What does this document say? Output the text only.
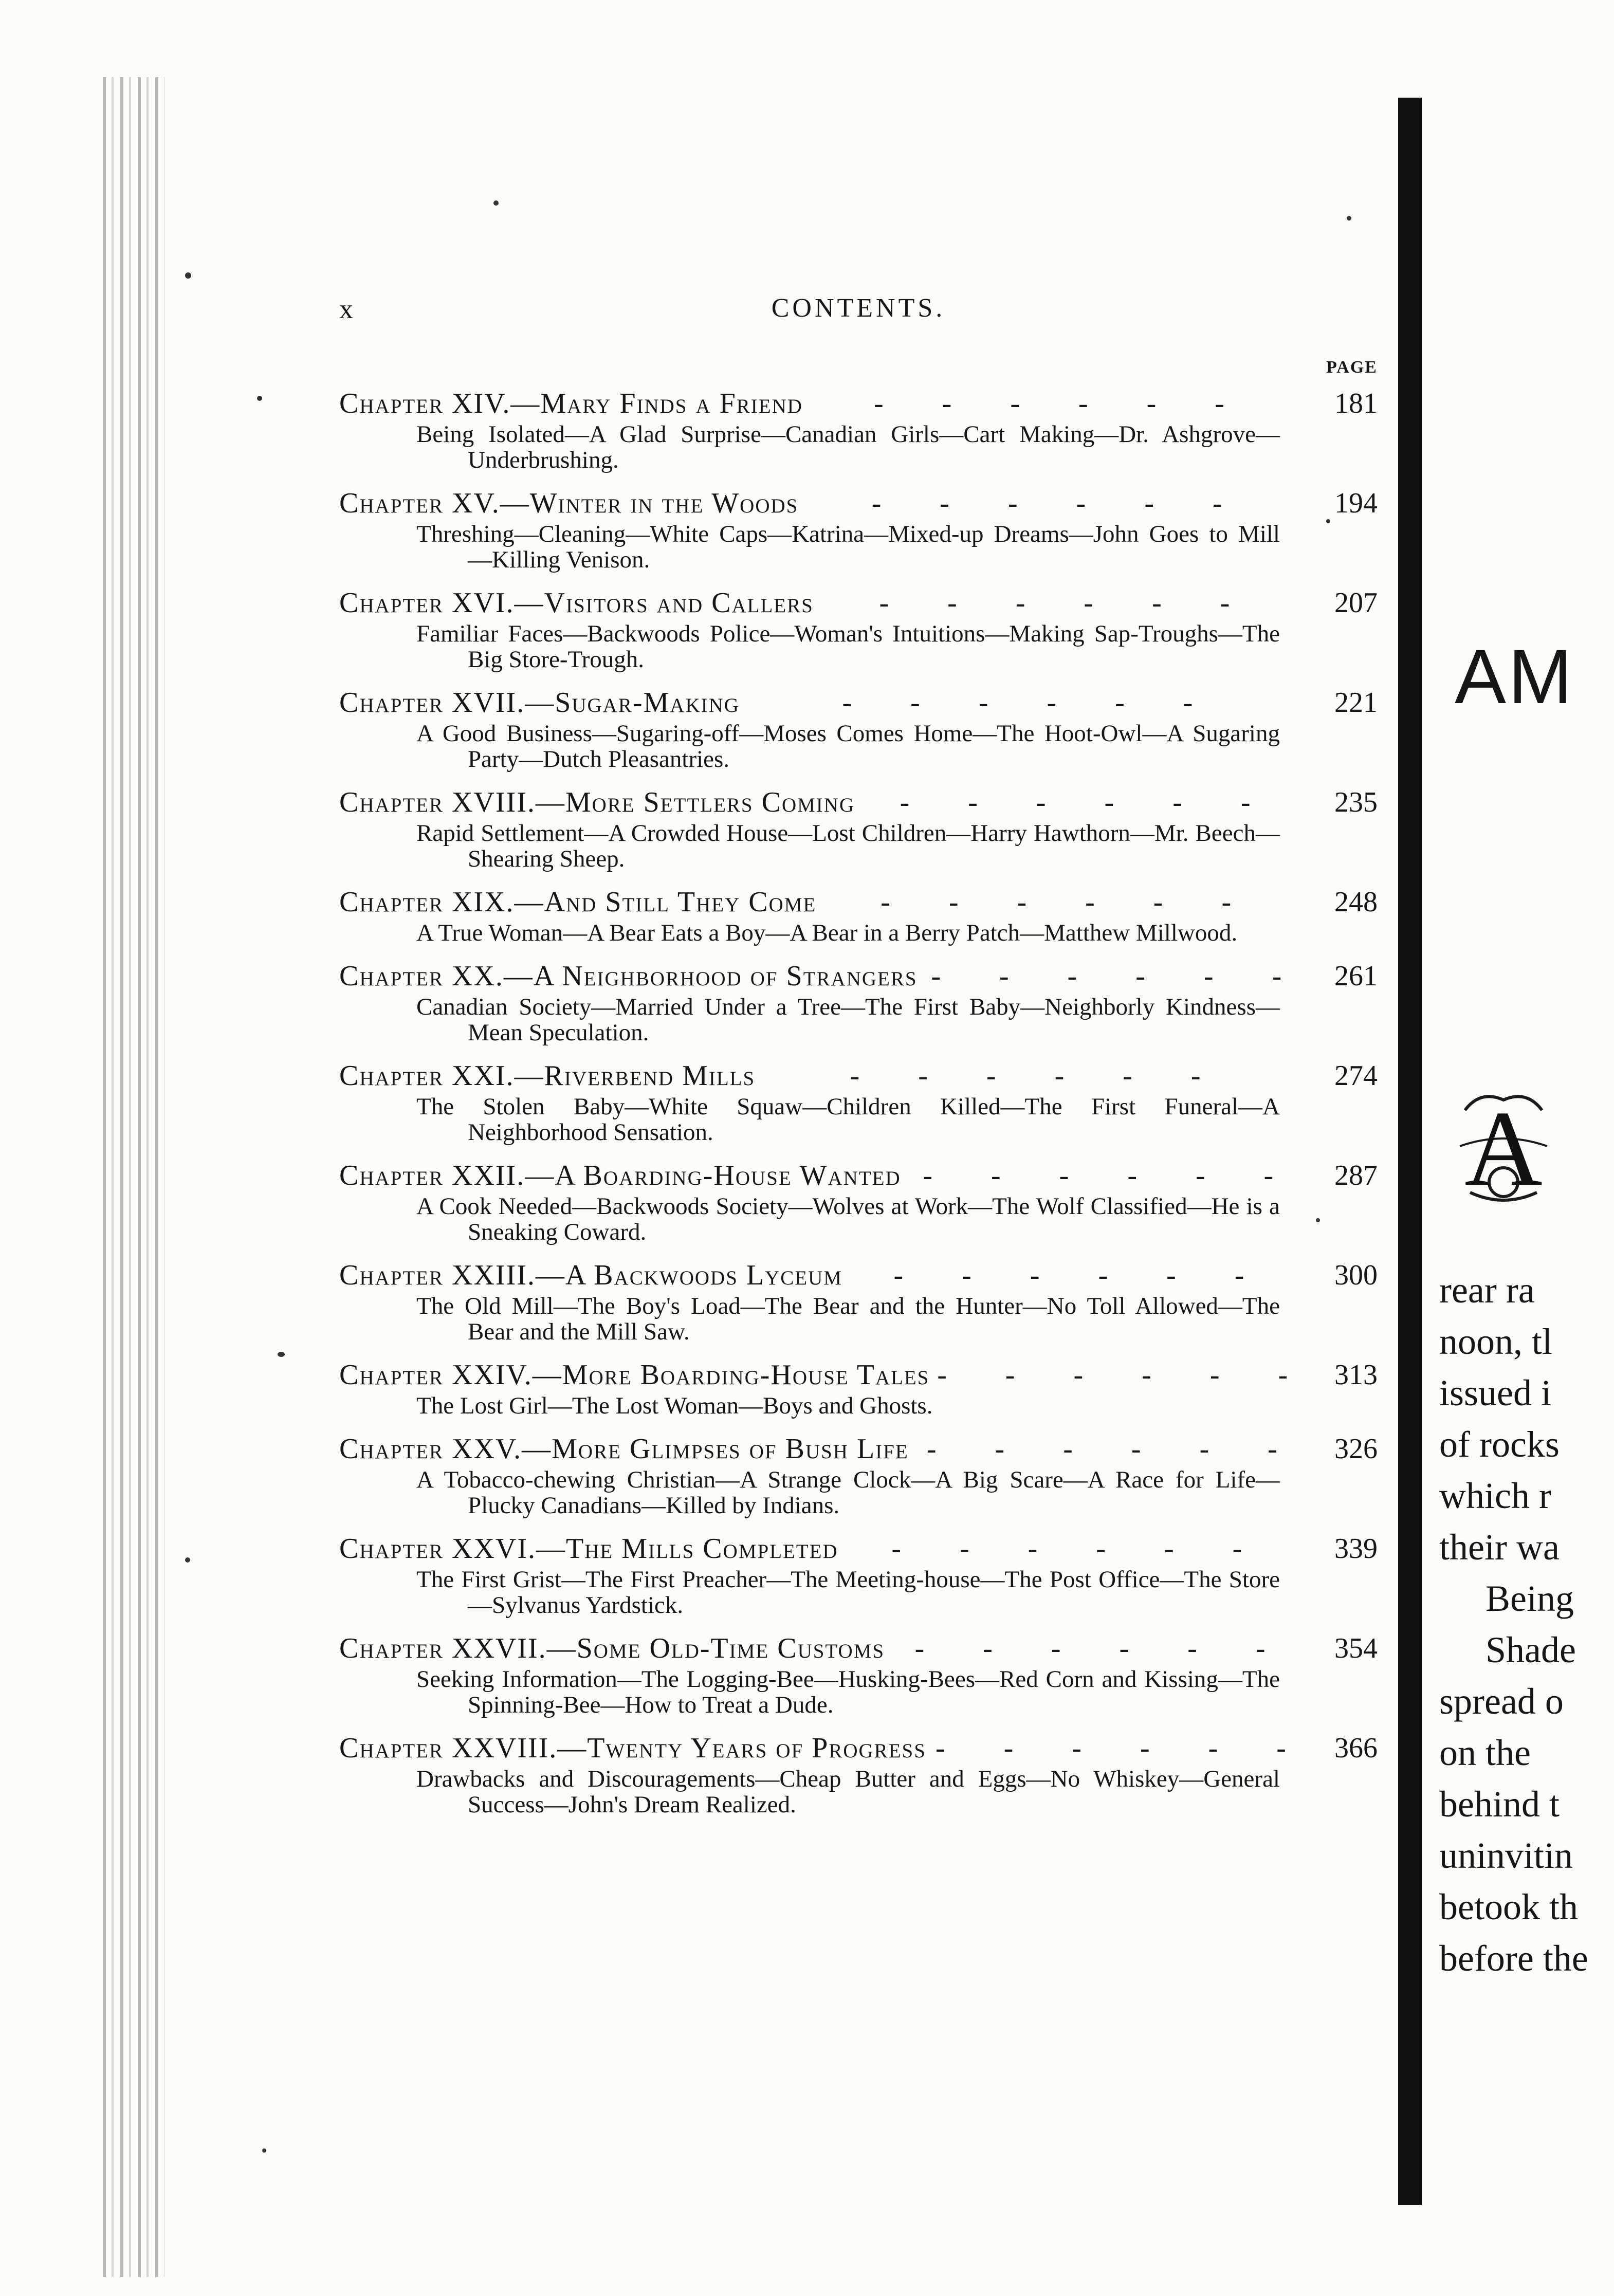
x	CONTENTS.
PAGE
Chapter XIV.—Mary Finds a Friend	- - - - - -	181
Being Isolated—A Glad Surprise—Canadian Girls—Cart Making—Dr. Ashgrove—Underbrushing.
Chapter XV.—Winter in the Woods	- - - - - -	194
Threshing—Cleaning—White Caps—Katrina—Mixed-up Dreams—John Goes to Mill—Killing Venison.
Chapter XVI.—Visitors and Callers	- - - - - -	207
Familiar Faces—Backwoods Police—Woman's Intuitions—Making Sap-Troughs—The Big Store-Trough.
Chapter XVII.—Sugar-Making	- - - - - -	221
A Good Business—Sugaring-off—Moses Comes Home—The Hoot-Owl—A Sugaring Party—Dutch Pleasantries.
Chapter XVIII.—More Settlers Coming	- - - - - -	235
Rapid Settlement—A Crowded House—Lost Children—Harry Hawthorn—Mr. Beech—Shearing Sheep.
Chapter XIX.—And Still They Come	- - - - - -	248
A True Woman—A Bear Eats a Boy—A Bear in a Berry Patch—Matthew Millwood.
Chapter XX.—A Neighborhood of Strangers - - - - - - 261
Canadian Society—Married Under a Tree—The First Baby—Neighborly Kindness—Mean Speculation.
Chapter XXI.—Riverbend Mills	- - - - - -	274
The Stolen Baby—White Squaw—Children Killed—The First Funeral—A Neighborhood Sensation.
Chapter XXII.—A Boarding-House Wanted - - - - - -	287
A Cook Needed—Backwoods Society—Wolves at Work—The Wolf Classified—He is a Sneaking Coward.
Chapter XXIII.—A Backwoods Lyceum	- - - - - -	300
The Old Mill—The Boy's Load—The Bear and the Hunter—No Toll Allowed—The Bear and the Mill Saw.
Chapter XXIV.—More Boarding-House Tales - - - - - - 313
The Lost Girl—The Lost Woman—Boys and Ghosts.
Chapter XXV.—More Glimpses of Bush Life - - - - - -	326
A Tobacco-chewing Christian—A Strange Clock—A Big Scare—A Race for Life—Plucky Canadians—Killed by Indians.
Chapter XXVI.—The Mills Completed	- - - - - -	339
The First Grist—The First Preacher—The Meeting-house—The Post Office—The Store—Sylvanus Yardstick.
Chapter XXVII.—Some Old-Time Customs	- - - - - -	354
Seeking Information—The Logging-Bee—Husking-Bees—Red Corn and Kissing—The Spinning-Bee—How to Treat a Dude.
Chapter XXVIII.—Twenty Years of Progress - - - - - - 366
Drawbacks and Discouragements—Cheap Butter and Eggs—No Whiskey—General Success—John's Dream Realized.
AM
A
rear ra
noon, tl
issued i
of rocks
which r
their wa
Being
Shade
spread o
on the
behind t
uninvitin
betook th
before the
